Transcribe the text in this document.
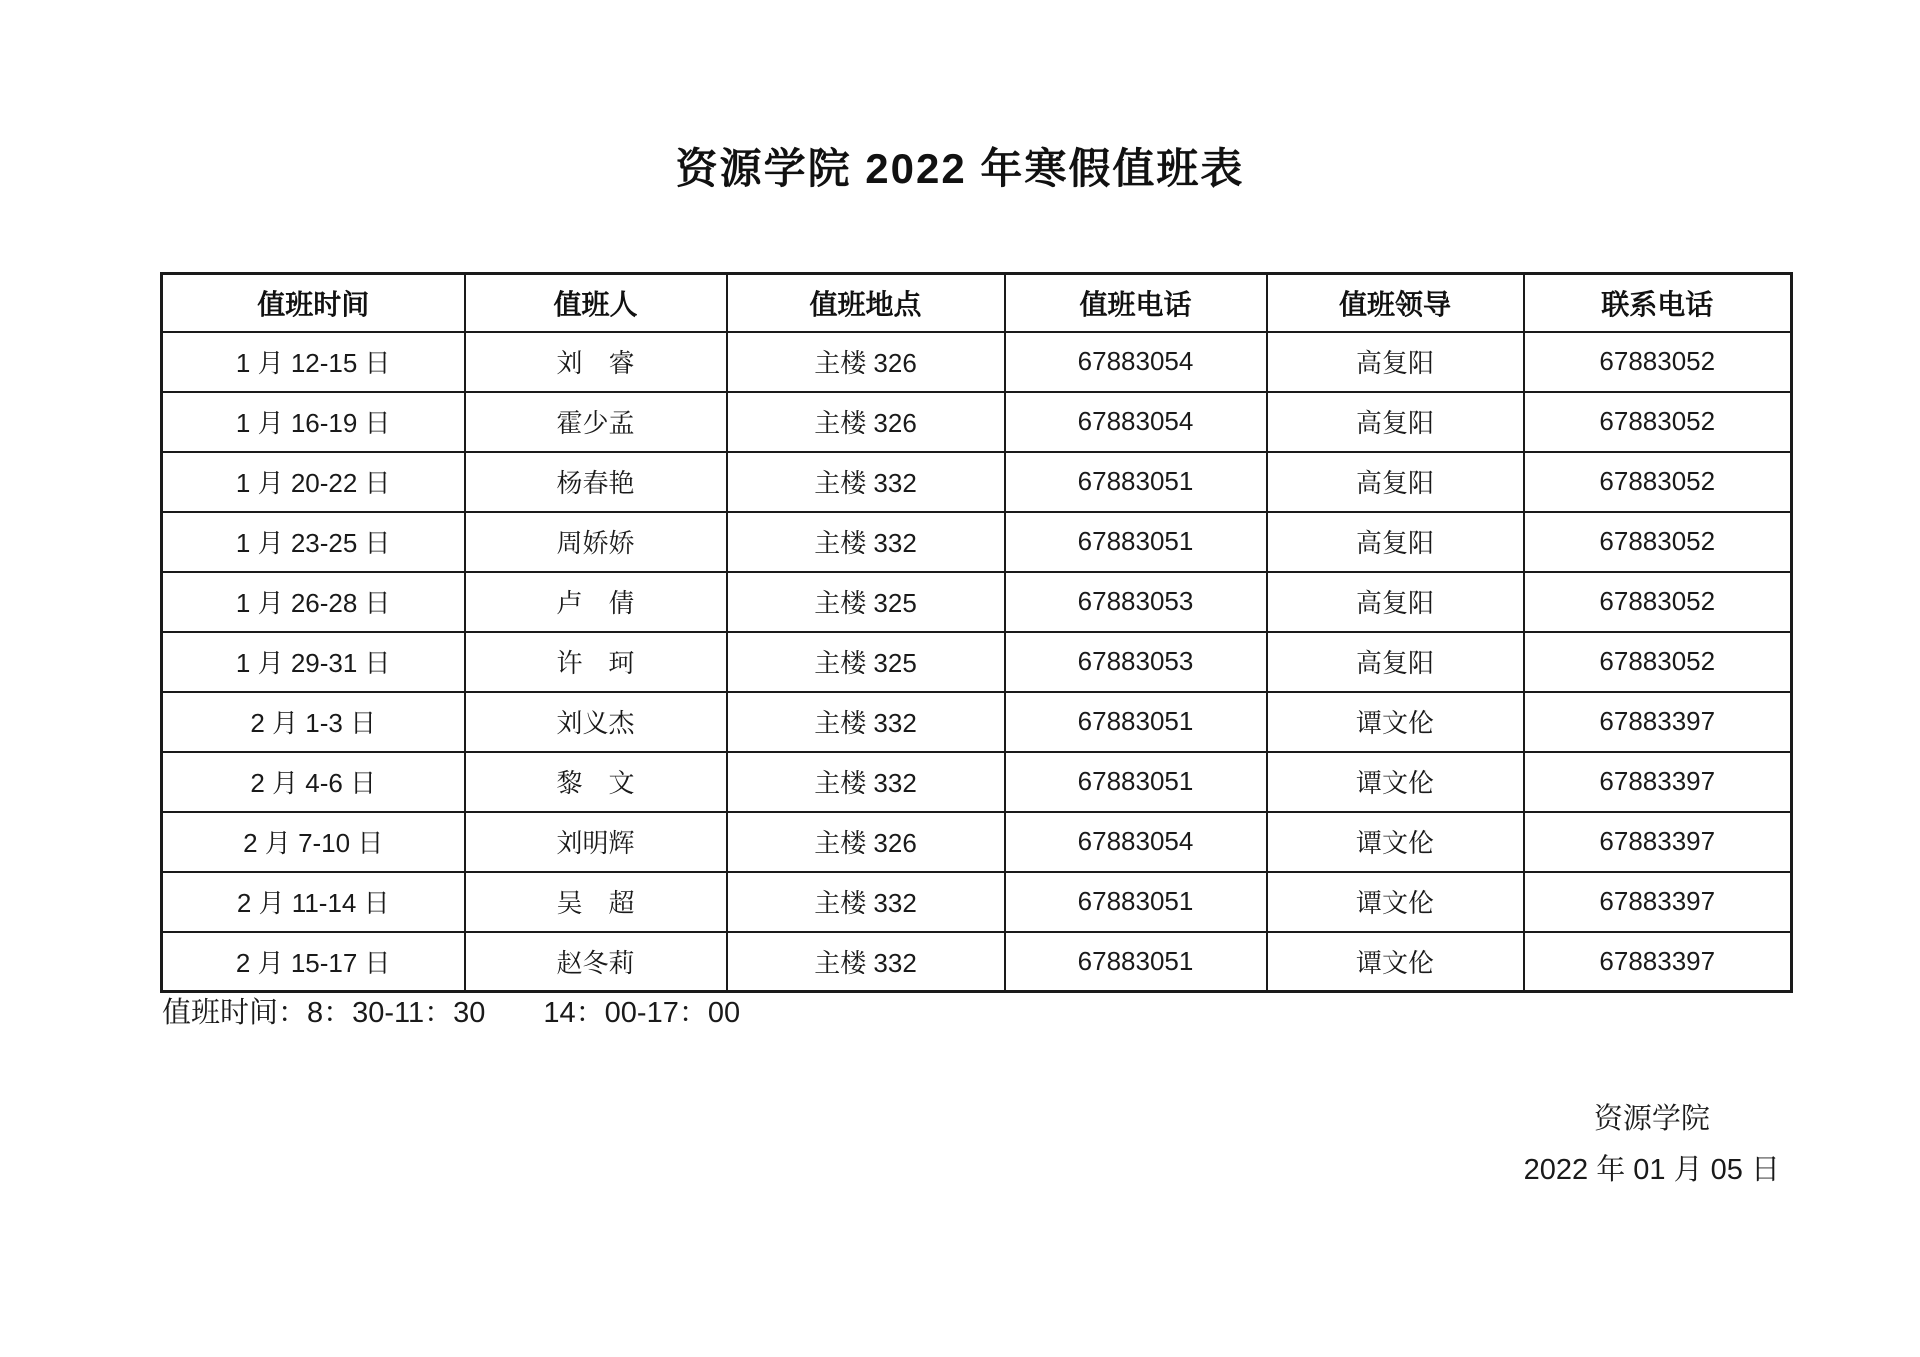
资源学院 2022 年寒假值班表
值班时间	值班人	值班地点	值班电话	值班领导	联系电话
1 月 12-15 日	刘　睿	主楼 326	67883054	高复阳	67883052
1 月 16-19 日	霍少孟	主楼 326	67883054	高复阳	67883052
1 月 20-22 日	杨春艳	主楼 332	67883051	高复阳	67883052
1 月 23-25 日	周娇娇	主楼 332	67883051	高复阳	67883052
1 月 26-28 日	卢　倩	主楼 325	67883053	高复阳	67883052
1 月 29-31 日	许　珂	主楼 325	67883053	高复阳	67883052
2 月 1-3 日	刘义杰	主楼 332	67883051	谭文伦	67883397
2 月 4-6 日	黎　文	主楼 332	67883051	谭文伦	67883397
2 月 7-10 日	刘明辉	主楼 326	67883054	谭文伦	67883397
2 月 11-14 日	吴　超	主楼 332	67883051	谭文伦	67883397
2 月 15-17 日	赵冬莉	主楼 332	67883051	谭文伦	67883397
值班时间：8：30-11：30　　14：00-17：00
资源学院
2022 年 01 月 05 日
